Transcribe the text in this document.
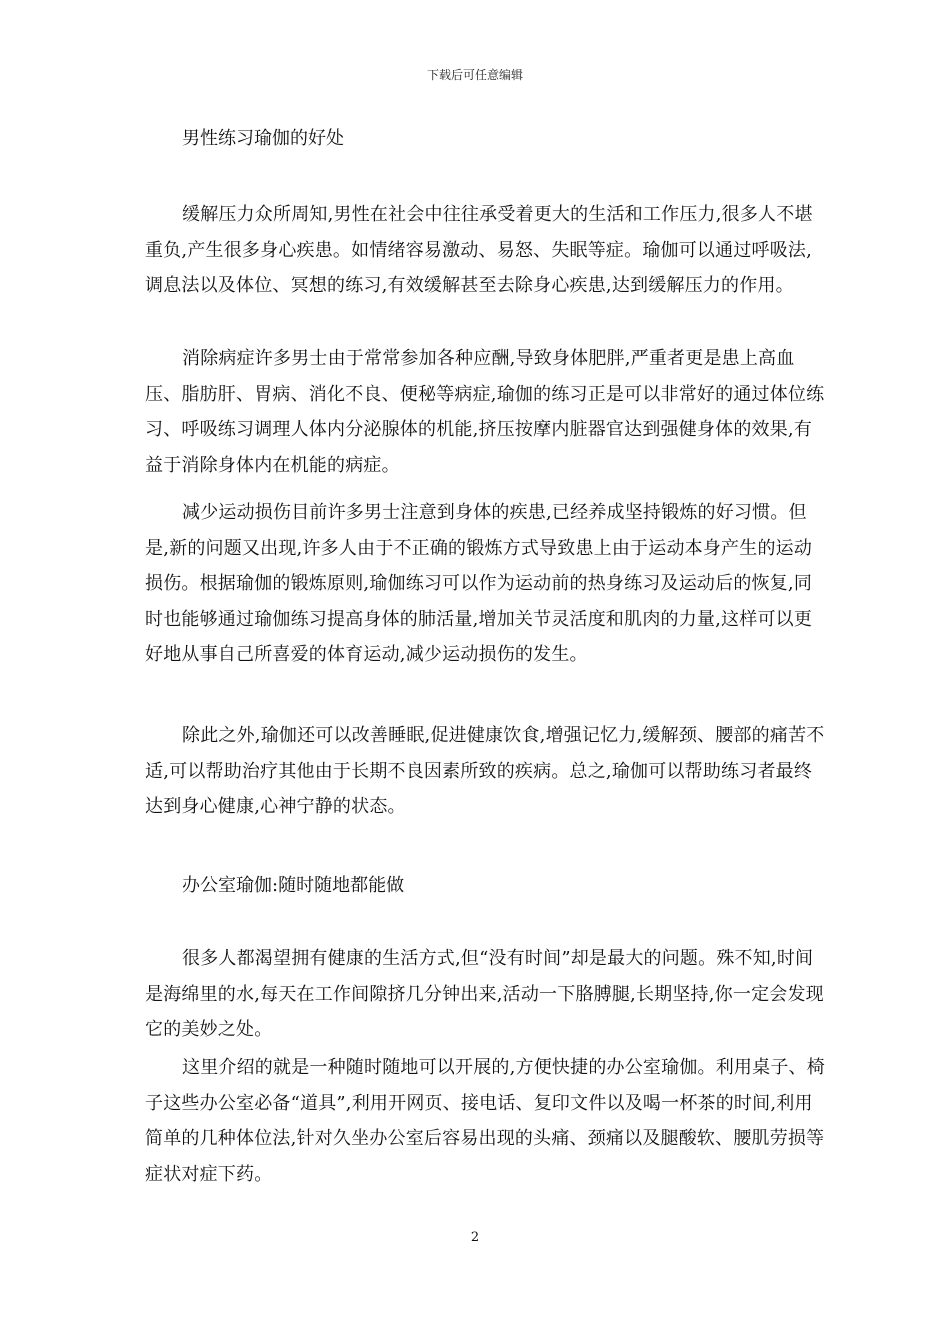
下载后可任意编辑
男性练习瑜伽的好处

缓解压力众所周知,男性在社会中往往承受着更大的生活和工作压力,很多人不堪重负,产生很多身心疾患。如情绪容易激动、易怒、失眠等症。瑜伽可以通过呼吸法,调息法以及体位、冥想的练习,有效缓解甚至去除身心疾患,达到缓解压力的作用。

消除病症许多男士由于常常参加各种应酬,导致身体肥胖,严重者更是患上高血压、脂肪肝、胃病、消化不良、便秘等病症,瑜伽的练习正是可以非常好的通过体位练习、呼吸练习调理人体内分泌腺体的机能,挤压按摩内脏器官达到强健身体的效果,有益于消除身体内在机能的病症。

减少运动损伤目前许多男士注意到身体的疾患,已经养成坚持锻炼的好习惯。但是,新的问题又出现,许多人由于不正确的锻炼方式导致患上由于运动本身产生的运动损伤。根据瑜伽的锻炼原则,瑜伽练习可以作为运动前的热身练习及运动后的恢复,同时也能够通过瑜伽练习提高身体的肺活量,增加关节灵活度和肌肉的力量,这样可以更好地从事自己所喜爱的体育运动,减少运动损伤的发生。

除此之外,瑜伽还可以改善睡眠,促进健康饮食,增强记忆力,缓解颈、腰部的痛苦不适,可以帮助治疗其他由于长期不良因素所致的疾病。总之,瑜伽可以帮助练习者最终达到身心健康,心神宁静的状态。

办公室瑜伽:随时随地都能做

很多人都渴望拥有健康的生活方式,但“没有时间”却是最大的问题。殊不知,时间是海绵里的水,每天在工作间隙挤几分钟出来,活动一下胳膊腿,长期坚持,你一定会发现它的美妙之处。

这里介绍的就是一种随时随地可以开展的,方便快捷的办公室瑜伽。利用桌子、椅子这些办公室必备“道具”,利用开网页、接电话、复印文件以及喝一杯茶的时间,利用简单的几种体位法,针对久坐办公室后容易出现的头痛、颈痛以及腿酸软、腰肌劳损等症状对症下药。

2
